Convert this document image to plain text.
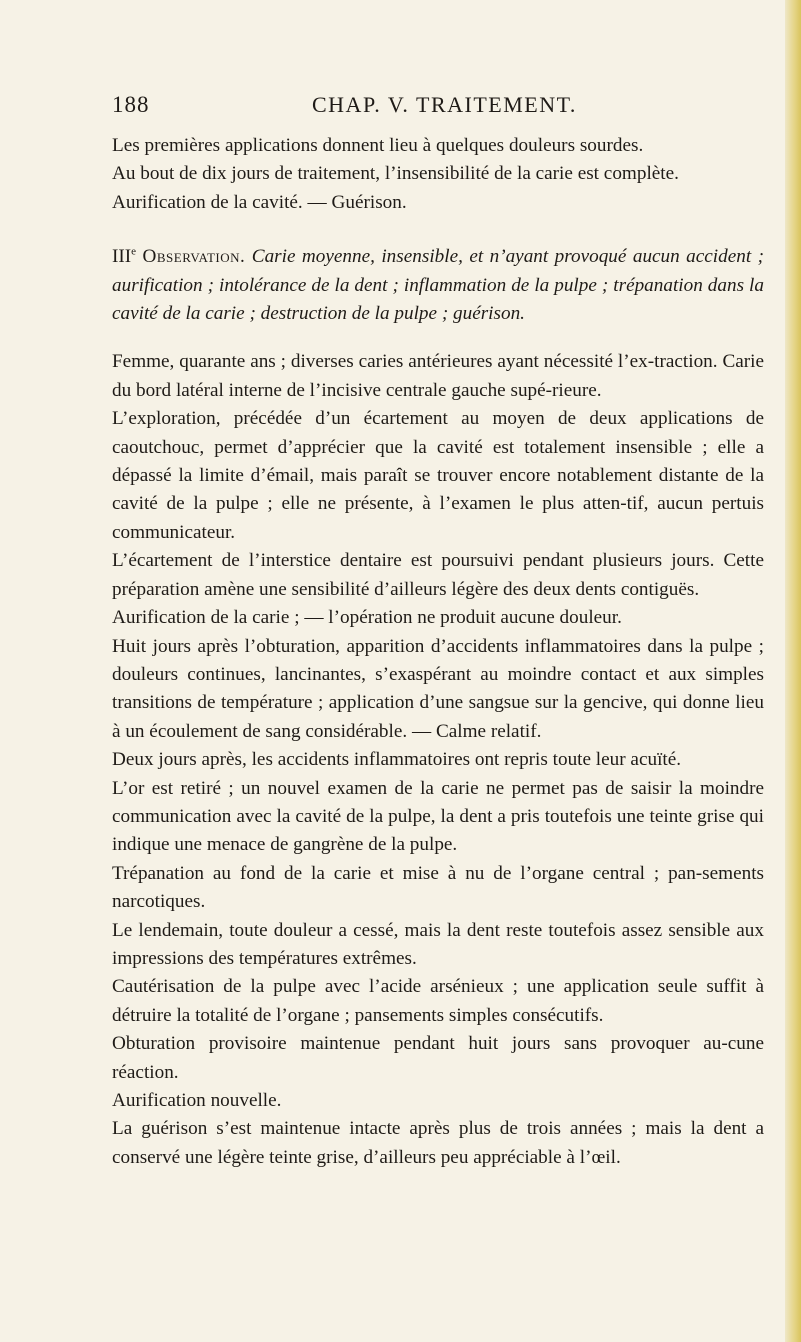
188	CHAP. V. TRAITEMENT.

Les premières applications donnent lieu à quelques douleurs sourdes.

Au bout de dix jours de traitement, l’insensibilité de la carie est complète.

Aurification de la cavité. — Guérison.

IIIe Observation. Carie moyenne, insensible, et n’ayant provoqué aucun accident ; aurification ; intolérance de la dent ; inflammation de la pulpe ; trépanation dans la cavité de la carie ; destruction de la pulpe ; guérison.

Femme, quarante ans ; diverses caries antérieures ayant nécessité l’ex-traction. Carie du bord latéral interne de l’incisive centrale gauche supé-rieure.

L’exploration, précédée d’un écartement au moyen de deux applications de caoutchouc, permet d’apprécier que la cavité est totalement insensible ; elle a dépassé la limite d’émail, mais paraît se trouver encore notablement distante de la cavité de la pulpe ; elle ne présente, à l’examen le plus atten-tif, aucun pertuis communicateur.

L’écartement de l’interstice dentaire est poursuivi pendant plusieurs jours. Cette préparation amène une sensibilité d’ailleurs légère des deux dents contiguës.

Aurification de la carie ; — l’opération ne produit aucune douleur.

Huit jours après l’obturation, apparition d’accidents inflammatoires dans la pulpe ; douleurs continues, lancinantes, s’exaspérant au moindre contact et aux simples transitions de température ; application d’une sangsue sur la gencive, qui donne lieu à un écoulement de sang considérable. — Calme relatif.

Deux jours après, les accidents inflammatoires ont repris toute leur acuïté.

L’or est retiré ; un nouvel examen de la carie ne permet pas de saisir la moindre communication avec la cavité de la pulpe, la dent a pris toutefois une teinte grise qui indique une menace de gangrène de la pulpe.

Trépanation au fond de la carie et mise à nu de l’organe central ; pan-sements narcotiques.

Le lendemain, toute douleur a cessé, mais la dent reste toutefois assez sensible aux impressions des températures extrêmes.

Cautérisation de la pulpe avec l’acide arsénieux ; une application seule suffit à détruire la totalité de l’organe ; pansements simples consécutifs.

Obturation provisoire maintenue pendant huit jours sans provoquer au-cune réaction.

Aurification nouvelle.

La guérison s’est maintenue intacte après plus de trois années ; mais la dent a conservé une légère teinte grise, d’ailleurs peu appréciable à l’œil.
